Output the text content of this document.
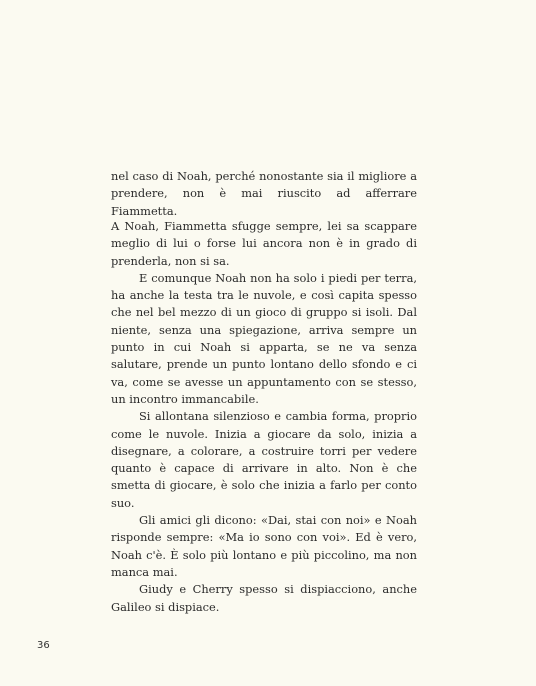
nel caso di Noah, perché nonostante sia il migliore a prendere, non è mai riuscito ad afferrare Fiammetta.

A Noah, Fiammetta sfugge sempre, lei sa scappare meglio di lui o forse lui ancora non è in grado di prenderla, non si sa.

E comunque Noah non ha solo i piedi per terra, ha anche la testa tra le nuvole, e così capita spesso che nel bel mezzo di un gioco di gruppo si isoli. Dal niente, senza una spiegazione, arriva sempre un punto in cui Noah si apparta, se ne va senza salutare, prende un punto lontano dello sfondo e ci va, come se avesse un appuntamento con se stesso, un incontro immancabile.

Si allontana silenzioso e cambia forma, proprio come le nuvole. Inizia a giocare da solo, inizia a disegnare, a colorare, a costruire torri per vedere quanto è capace di arrivare in alto. Non è che smetta di giocare, è solo che inizia a farlo per conto suo.

Gli amici gli dicono: «Dai, stai con noi» e Noah risponde sempre: «Ma io sono con voi». Ed è vero, Noah c'è. È solo più lontano e più piccolino, ma non manca mai.

Giudy e Cherry spesso si dispiacciono, anche Galileo si dispiace.

36
